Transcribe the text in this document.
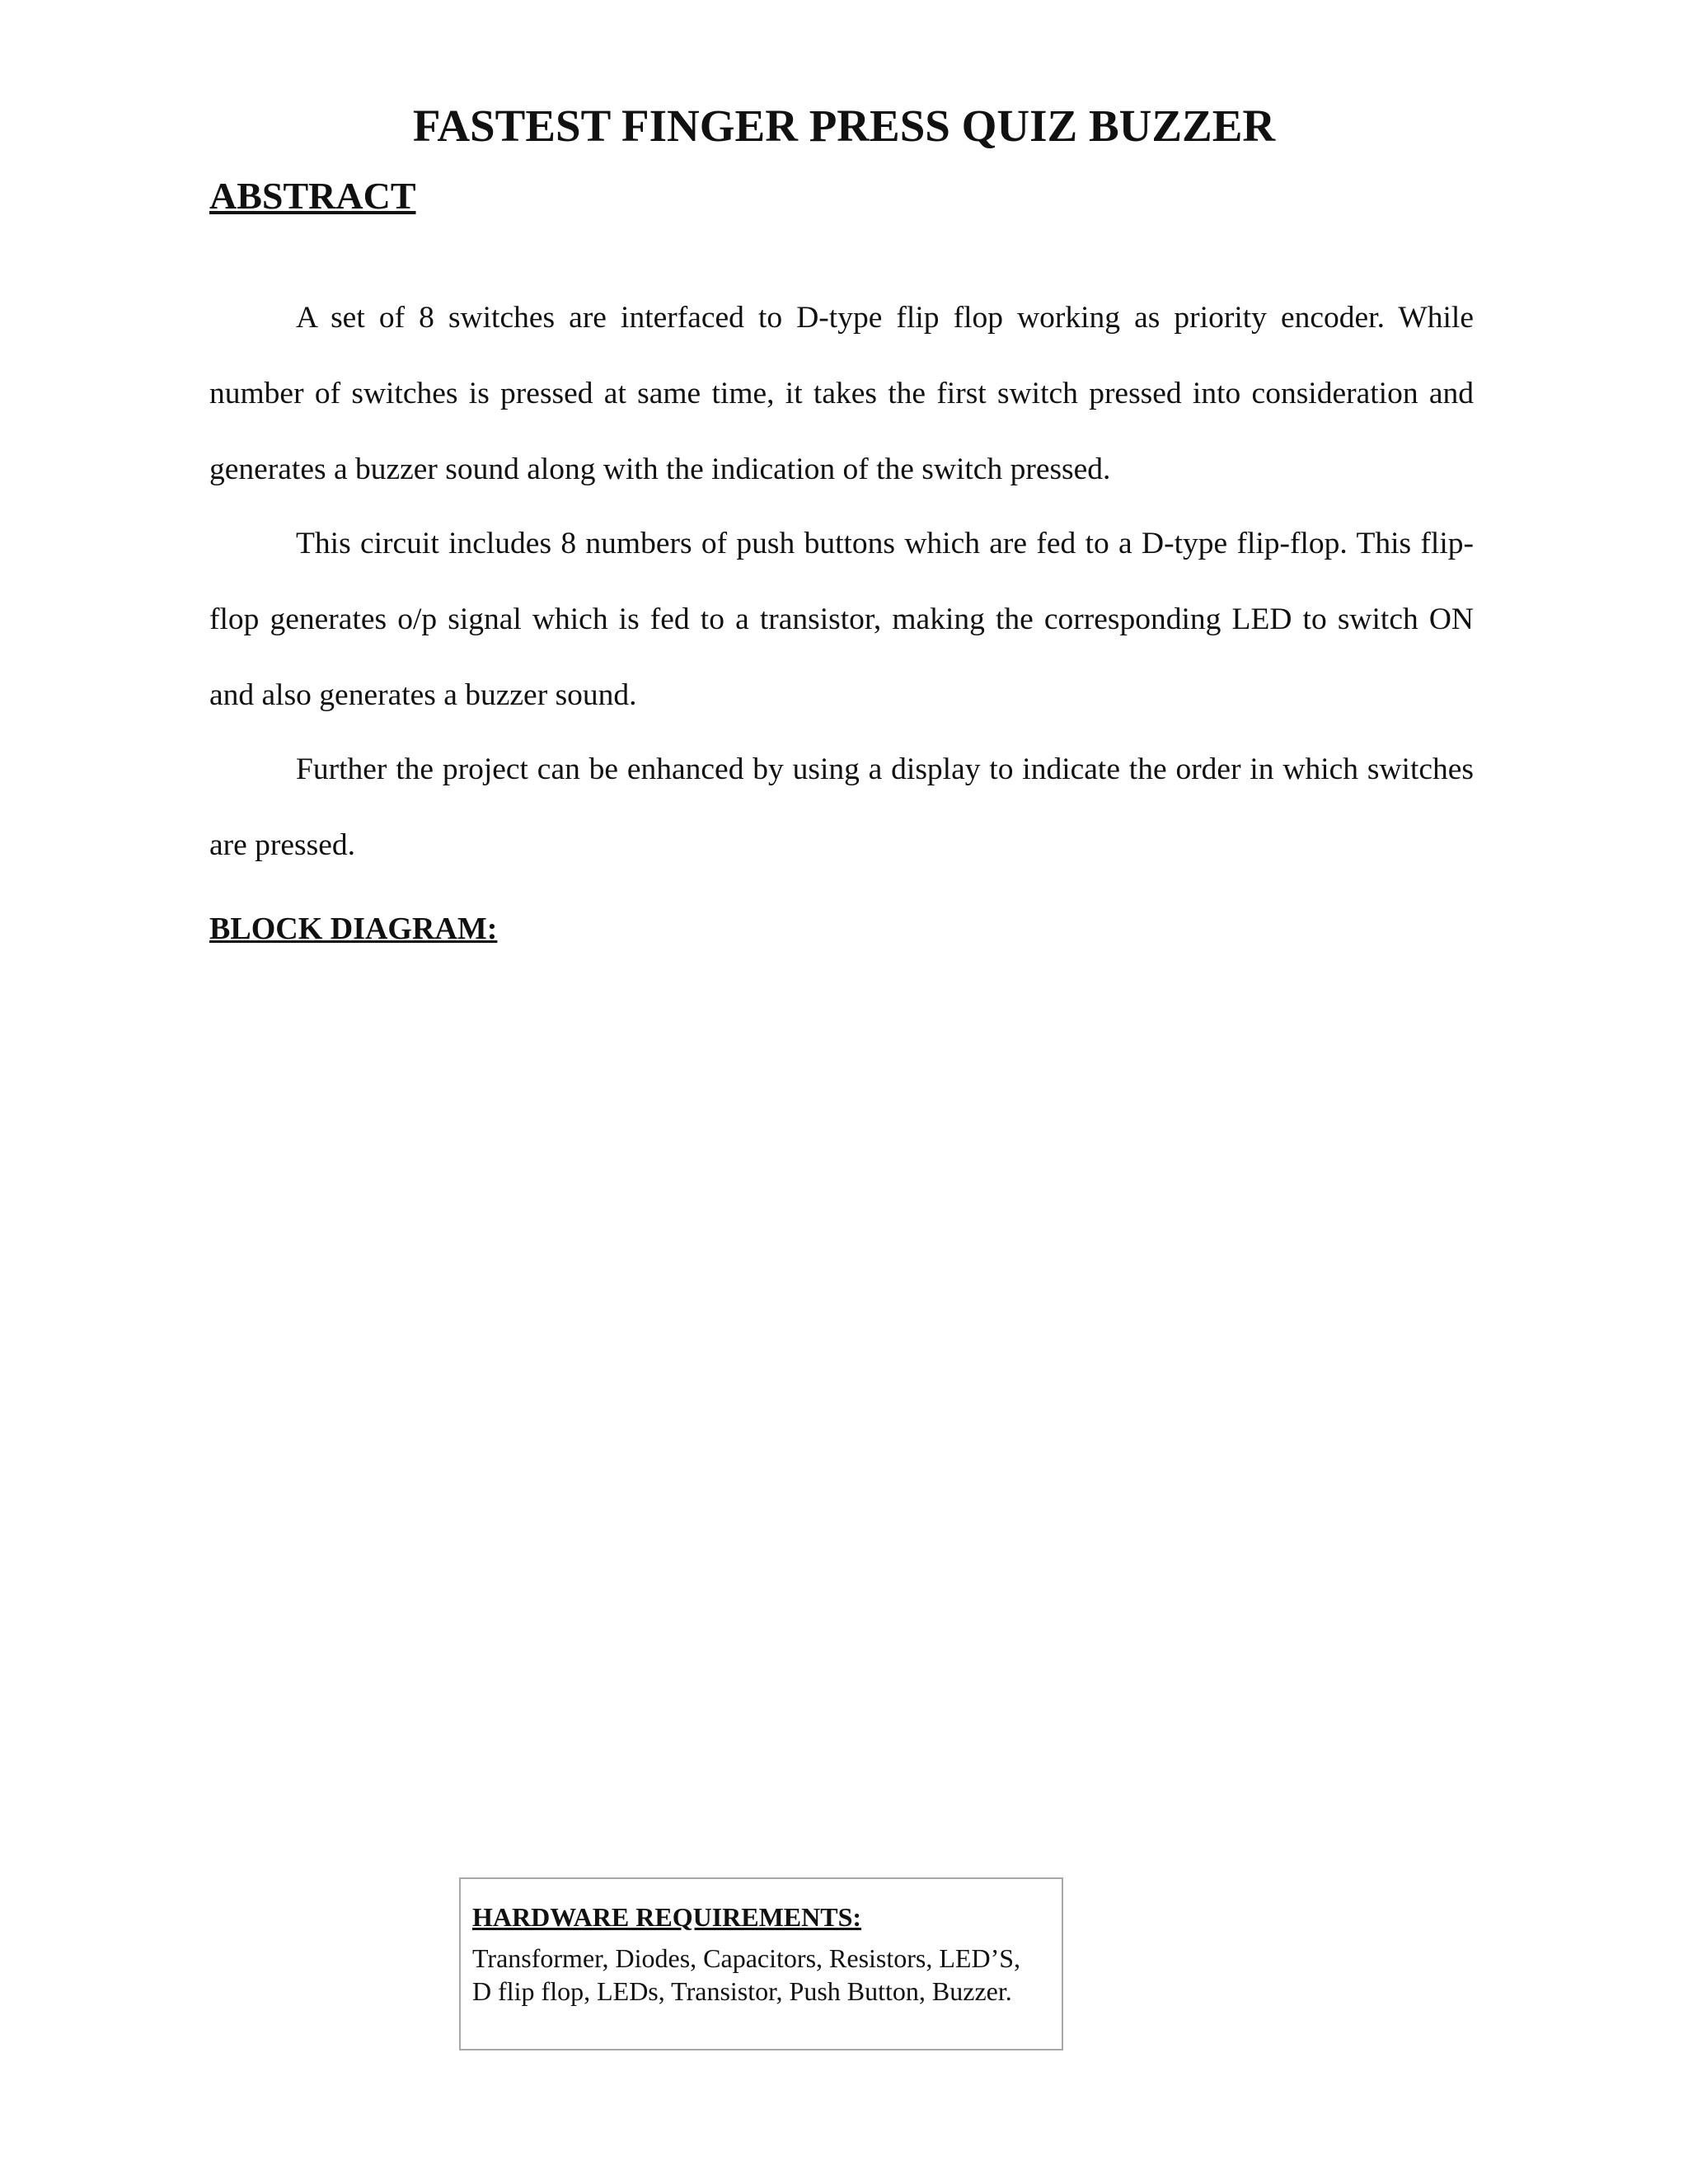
FASTEST FINGER PRESS QUIZ BUZZER
ABSTRACT

A set of 8 switches are interfaced to D-type flip flop working as priority encoder. While number of switches is pressed at same time, it takes the first switch pressed into consideration and generates a buzzer sound along with the indication of the switch pressed.

This circuit includes 8 numbers of push buttons which are fed to a D-type flip-flop. This flip-flop generates o/p signal which is fed to a transistor, making the corresponding LED to switch ON and also generates a buzzer sound.

Further the project can be enhanced by using a display to indicate the order in which switches are pressed.

BLOCK DIAGRAM:
HARDWARE REQUIREMENTS:
Transformer, Diodes, Capacitors, Resistors, LED’S,
D flip flop, LEDs, Transistor, Push Button, Buzzer.
